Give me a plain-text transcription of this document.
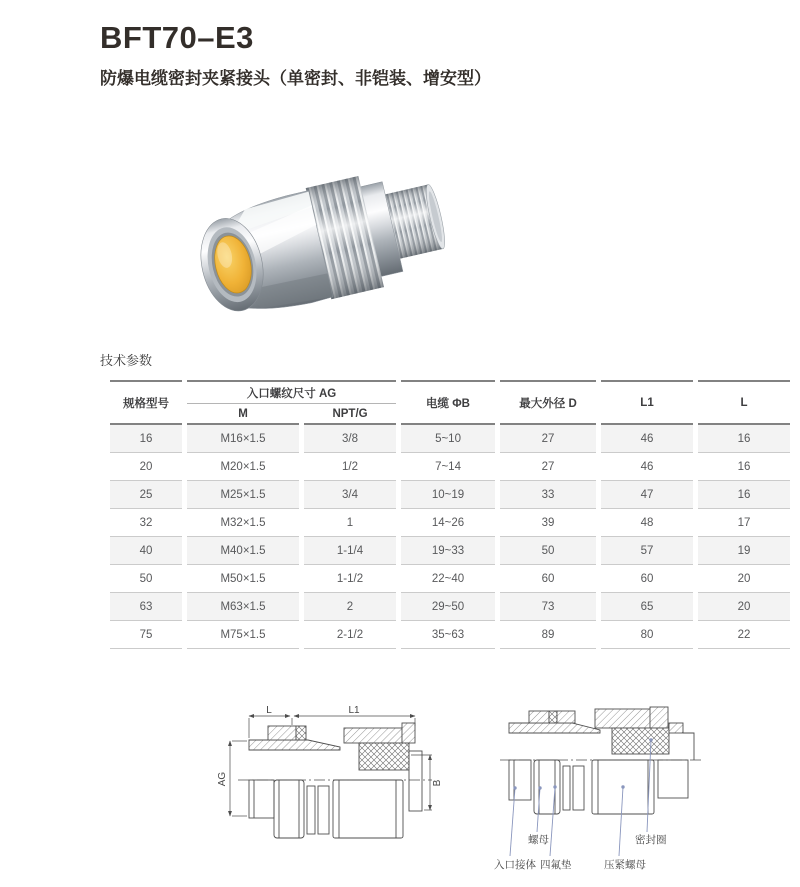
BFT70–E3
防爆电缆密封夹紧接头（单密封、非铠装、增安型）
技术参数
规格型号	入口螺纹尺寸 AG		电缆 ΦB	最大外径 D	L1	L
	M	NPT/G				
16	M16×1.5	3/8	5~10	27	46	16
20	M20×1.5	1/2	7~14	27	46	16
25	M25×1.5	3/4	10~19	33	47	16
32	M32×1.5	1	14~26	39	48	17
40	M40×1.5	1-1/4	19~33	50	57	19
50	M50×1.5	1-1/2	22~40	60	60	20
63	M63×1.5	2	29~50	73	65	20
75	M75×1.5	2-1/2	35~63	89	80	22
L	L1
AG	B
螺母	密封圈
入口接体 四氟垫	压紧螺母
